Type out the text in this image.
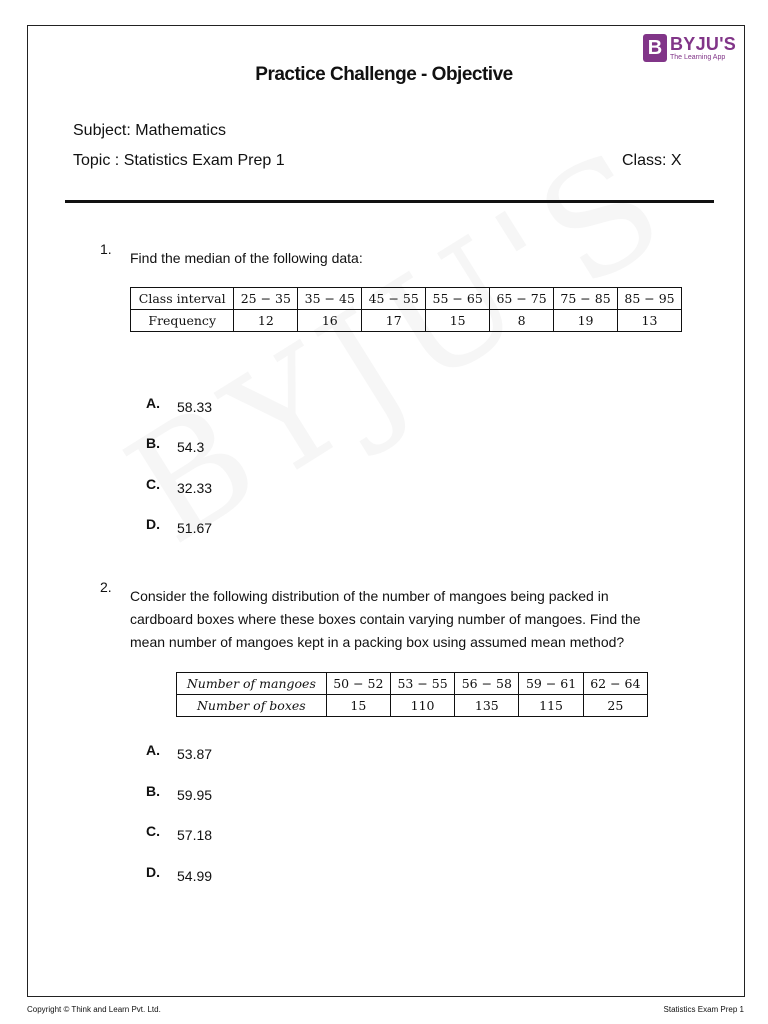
B BYJU'S
The Learning App
Practice Challenge - Objective
Subject: Mathematics
Topic : Statistics Exam Prep 1	Class: X
1.
Find the median of the following data:
Class interval	25 − 35	35 − 45	45 − 55	55 − 65	65 − 75	75 − 85	85 − 95
Frequency	12	16	17	15	8	19	13
A. 58.33
B. 54.3
C. 32.33
D. 51.67
2.
Consider the following distribution of the number of mangoes being packed in
cardboard boxes where these boxes contain varying number of mangoes. Find the
mean number of mangoes kept in a packing box using assumed mean method?
Number of mangoes	50 − 52	53 − 55	56 − 58	59 − 61	62 − 64
Number of boxes	15	110	135	115	25
A. 53.87
B. 59.95
C. 57.18
D. 54.99
Copyright © Think and Learn Pvt. Ltd.	Statistics Exam Prep 1
